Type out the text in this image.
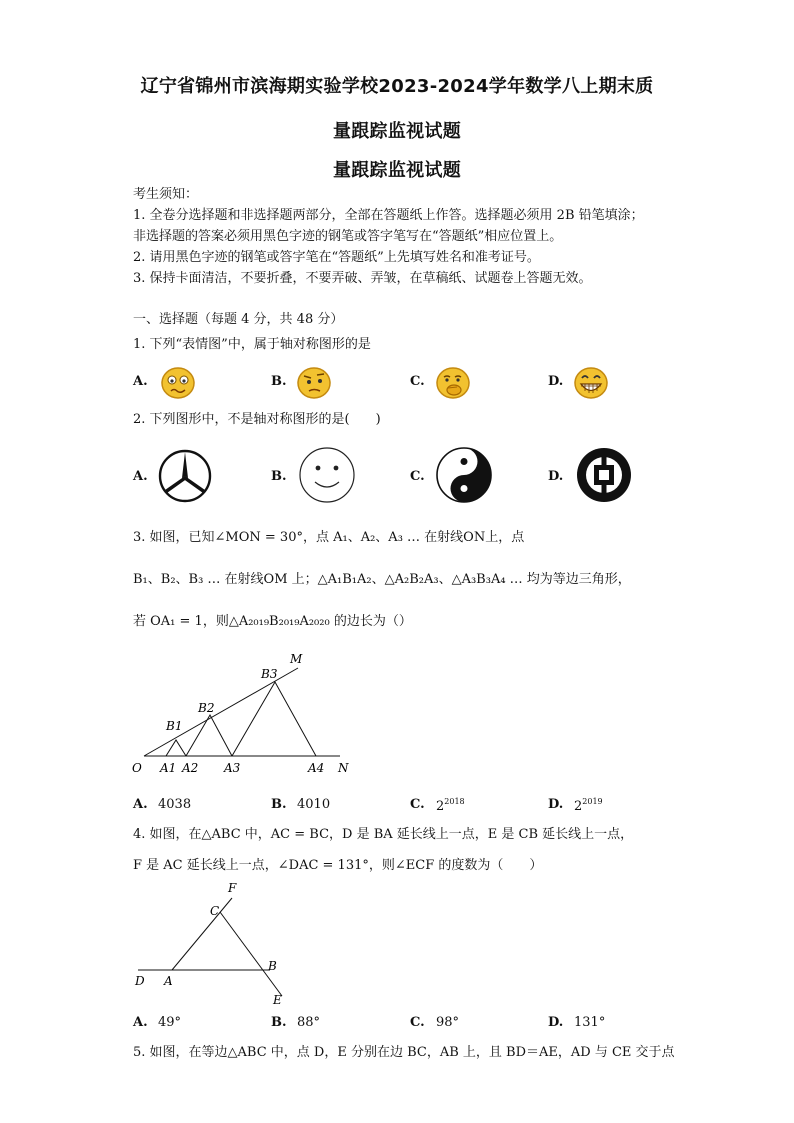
辽宁省锦州市滨海期实验学校2023-2024学年数学八上期末质
量跟踪监视试题
量跟踪监视试题
考生须知：
1. 全卷分选择题和非选择题两部分，全部在答题纸上作答。选择题必须用 2B 铅笔填涂；
非选择题的答案必须用黑色字迹的钢笔或答字笔写在“答题纸”相应位置上。
2. 请用黑色字迹的钢笔或答字笔在“答题纸”上先填写姓名和准考证号。
3. 保持卡面清洁，不要折叠，不要弄破、弄皱，在草稿纸、试题卷上答题无效。
一、选择题（每题 4 分，共 48 分）
1. 下列“表情图”中，属于轴对称图形的是
A.	B.	C.	D.
2. 下列图形中，不是轴对称图形的是(　　)
A.	B.	C.	D.
3. 如图，已知∠MON = 30°，点 A₁、A₂、A₃ … 在射线ON上，点
B₁、B₂、B₃ … 在射线OM 上；△A₁B₁A₂、△A₂B₂A₃、△A₃B₃A₄ … 均为等边三角形，
若 OA₁ = 1，则△A₂₀₁₉B₂₀₁₉A₂₀₂₀ 的边长为（）
M
B3
B2
B1
O A1 A2 A3	A4 N
A. 4038	B. 4010	C. $2^{2018}$	D. $2^{2019}$
4. 如图，在△ABC 中，AC = BC，D 是 BA 延长线上一点，E 是 CB 延长线上一点，
F 是 AC 延长线上一点，∠DAC = 131°，则∠ECF 的度数为（　　）
F
C
D A
B
E
A. 49°	B. 88°	C. 98°	D. 131°
5. 如图，在等边△ABC 中，点 D，E 分别在边 BC，AB 上，且 BD＝AE，AD 与 CE 交于点
